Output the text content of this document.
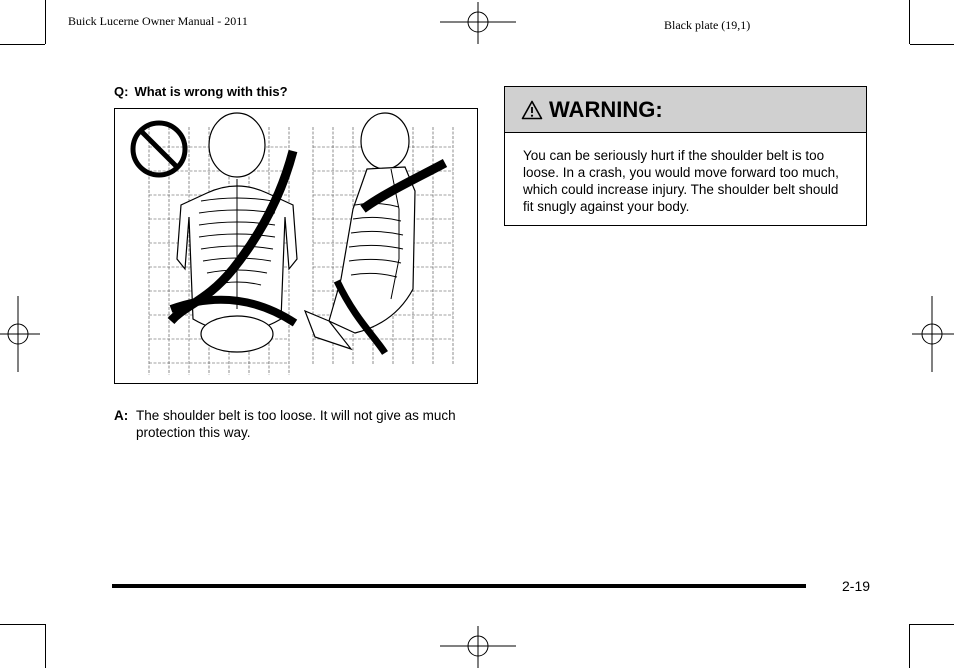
Buick Lucerne Owner Manual - 2011	Black plate (19,1)
Q: What is wrong with this?
A: The shoulder belt is too loose. It will not give as much protection this way.
WARNING:
You can be seriously hurt if the shoulder belt is too loose. In a crash, you would move forward too much, which could increase injury. The shoulder belt should fit snugly against your body.
2-19
